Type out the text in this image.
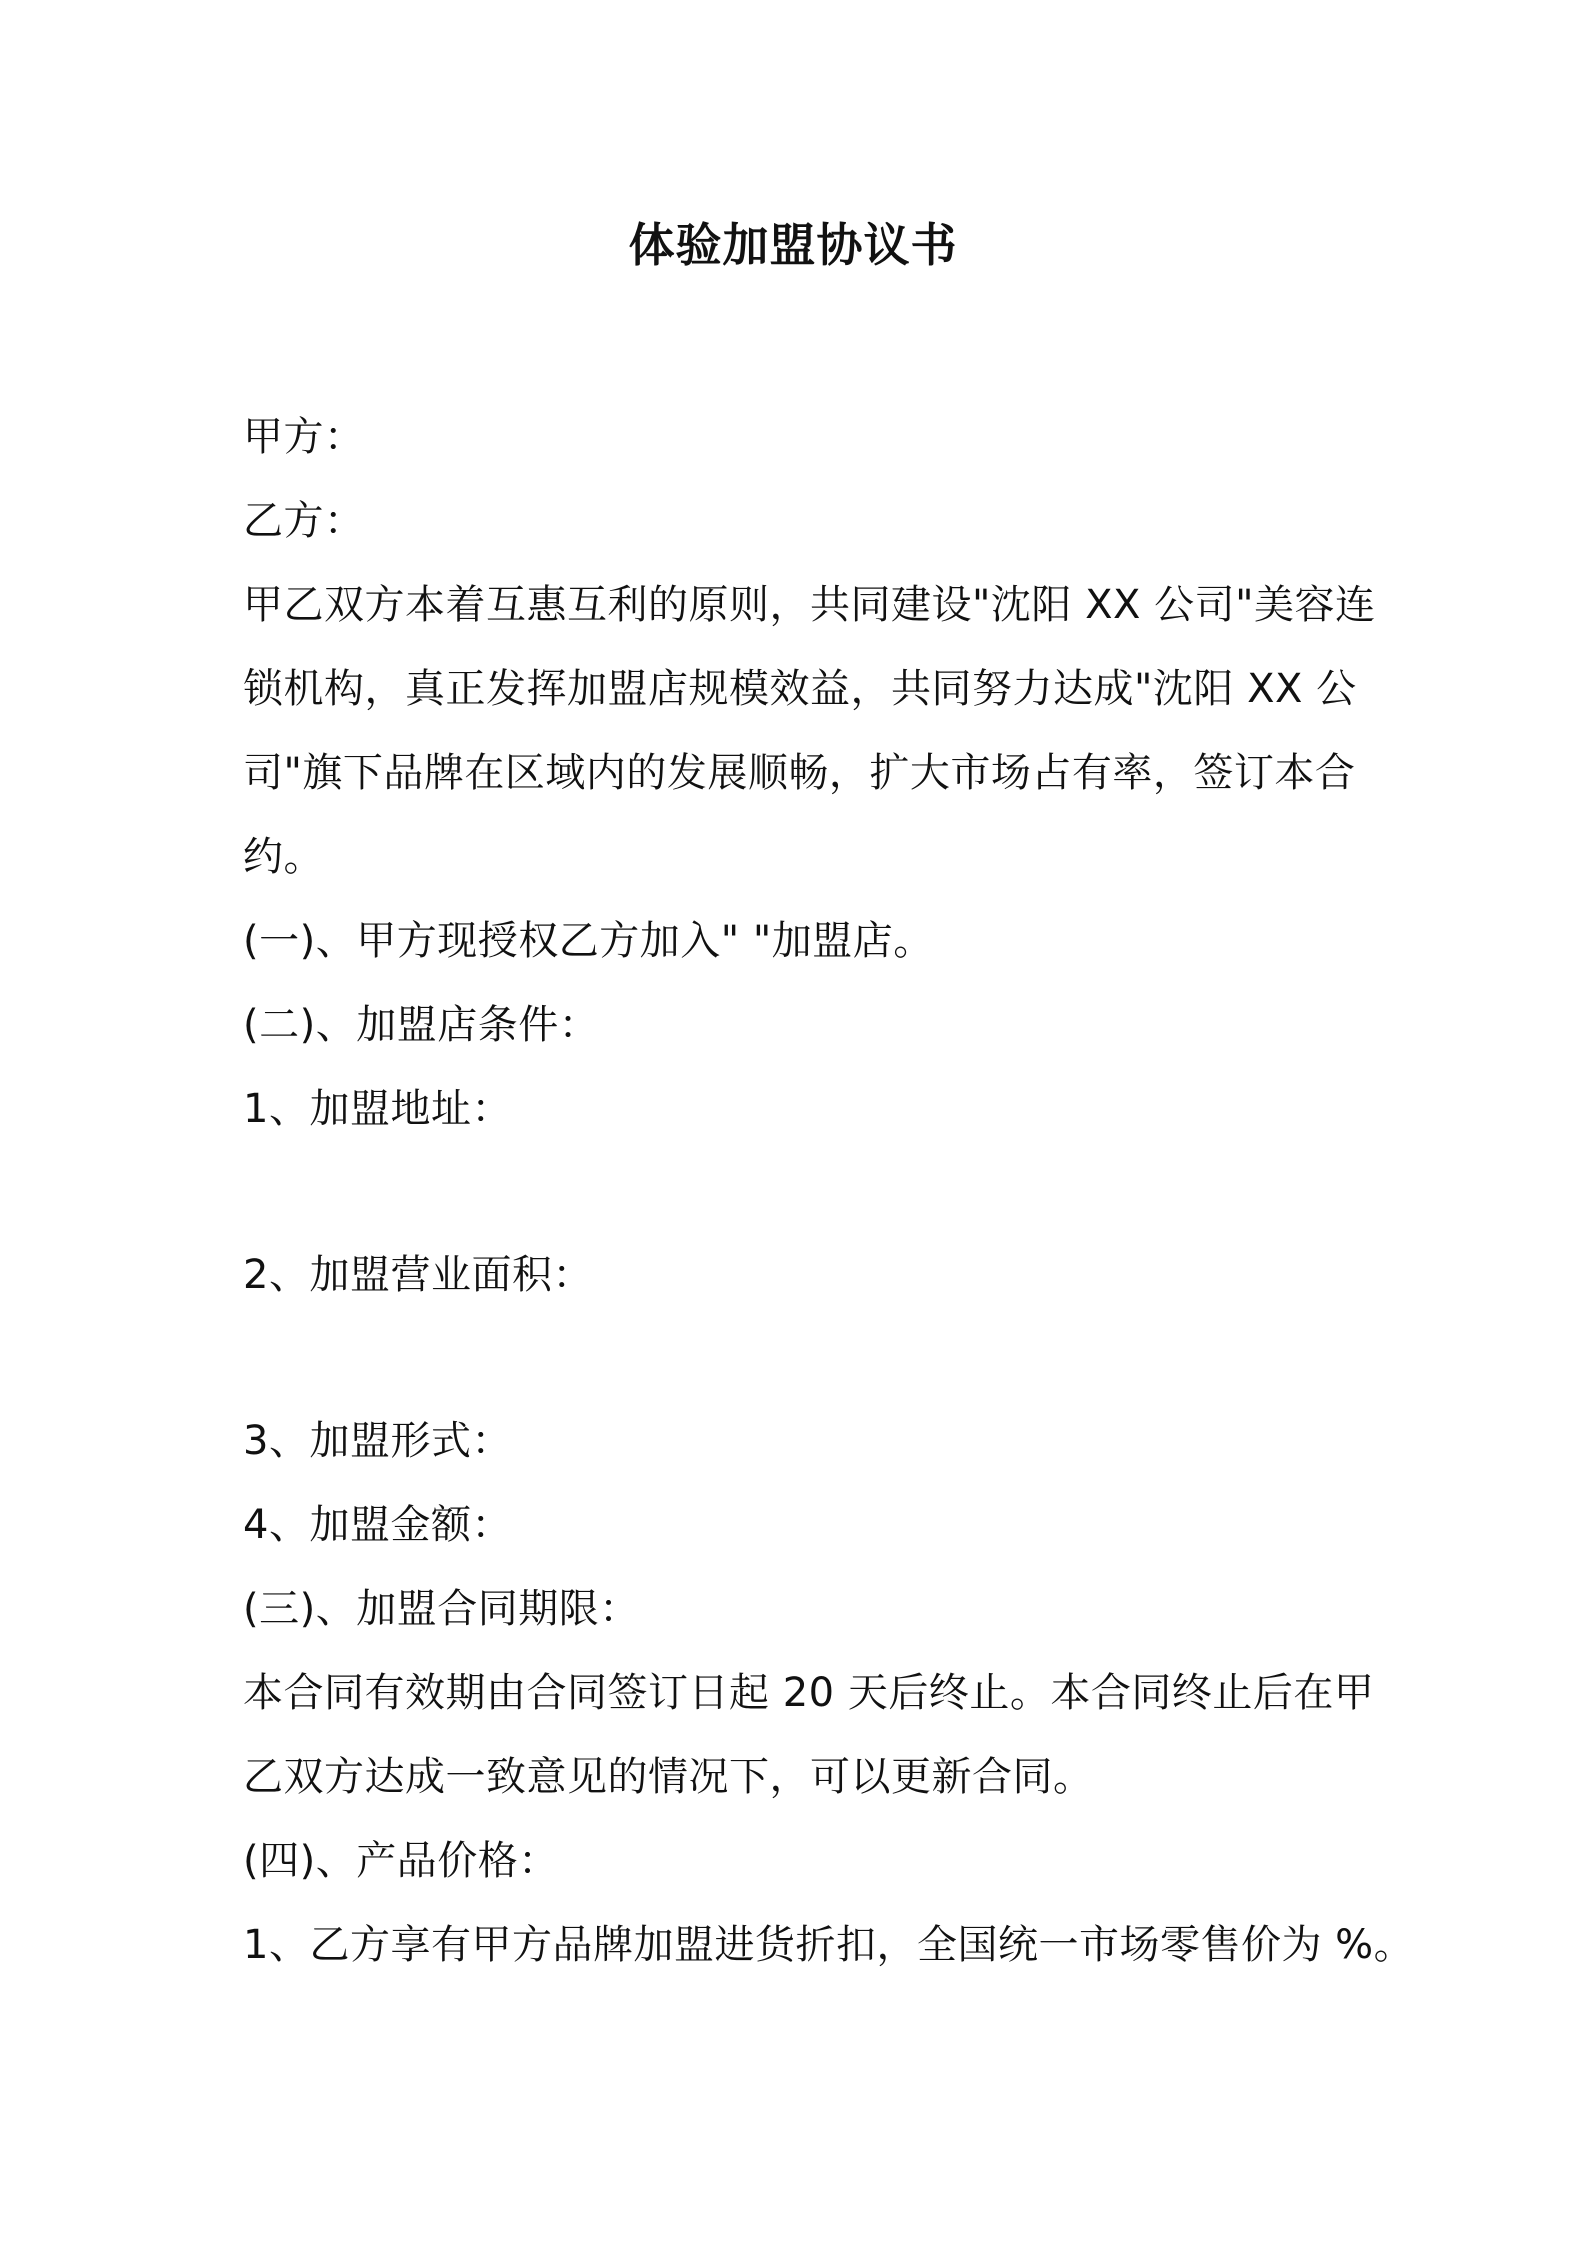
体验加盟协议书
甲方：
乙方：
甲乙双方本着互惠互利的原则，共同建设"沈阳 XX 公司"美容连
锁机构，真正发挥加盟店规模效益，共同努力达成"沈阳 XX 公
司"旗下品牌在区域内的发展顺畅，扩大市场占有率，签订本合
约。
(一)、甲方现授权乙方加入" "加盟店。
(二)、加盟店条件：
1、加盟地址：
2、加盟营业面积：
3、加盟形式：
4、加盟金额：
(三)、加盟合同期限：
本合同有效期由合同签订日起 20 天后终止。本合同终止后在甲
乙双方达成一致意见的情况下，可以更新合同。
(四)、产品价格：
1、乙方享有甲方品牌加盟进货折扣，全国统一市场零售价为 %。
